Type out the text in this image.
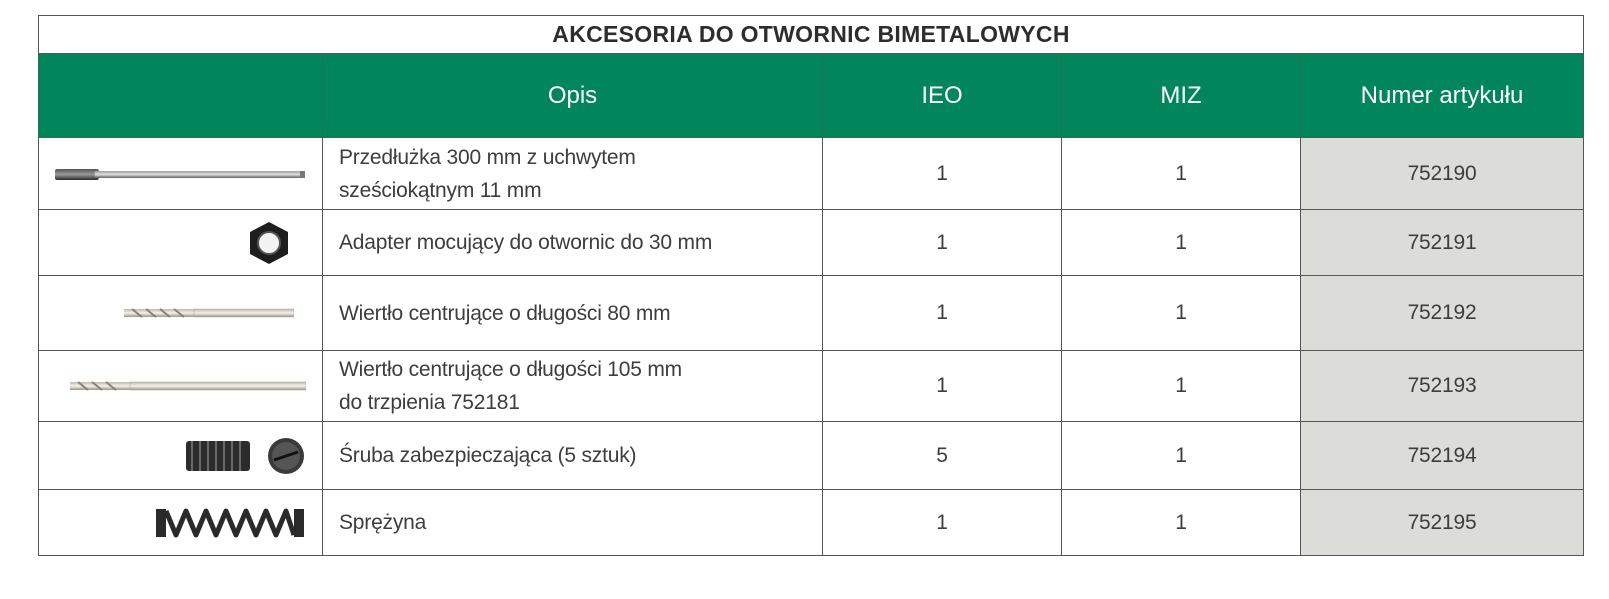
AKCESORIA DO OTWORNIC BIMETALOWYCH				
	Opis	IEO	MIZ	Numer artykułu

Przedłużka 300 mm z uchwytem
sześciokątnym 11 mm	1	1	752190

Adapter mocujący do otwornic do 30 mm	1	1	752191

Wiertło centrujące o długości 80 mm	1	1	752192

Wiertło centrujące o długości 105 mm
do trzpienia 752181	1	1	752193

Śruba zabezpieczająca (5 sztuk)	5	1	752194

Sprężyna	1	1	752195
